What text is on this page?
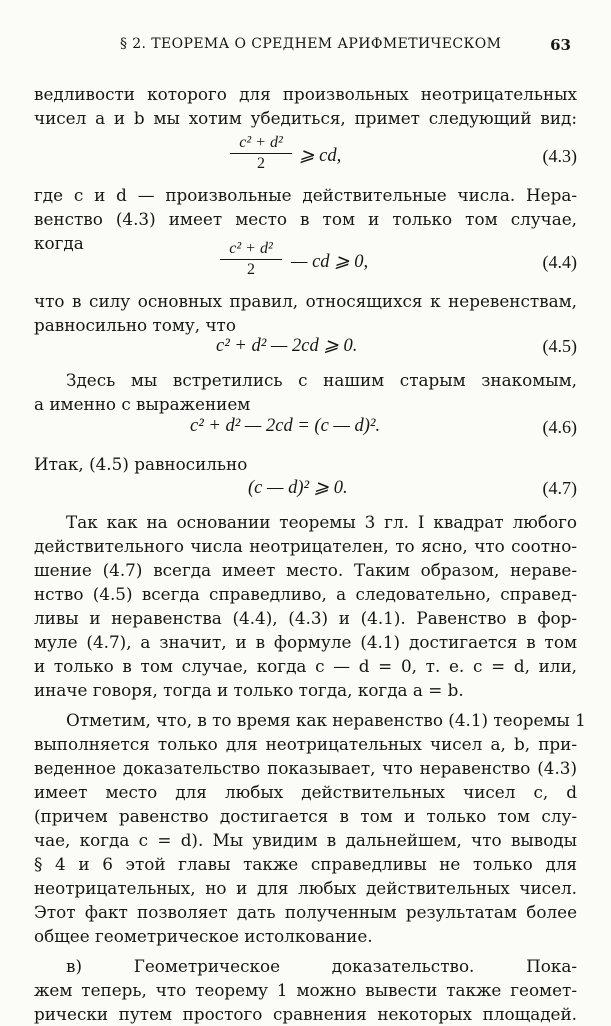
§ 2. ТЕОРЕМА О СРЕДНЕМ АРИФМЕТИЧЕСКОМ	63
ведливости которого для произвольных неотрицательных
чисел a и b мы хотим убедиться, примет следующий вид:
c² + d²
2	⩾ cd,	(4.3)
где c и d — произвольные действительные числа. Нера-
венство (4.3) имеет место в том и только том случае,
когда	c² + d²
2	— cd ⩾ 0,	(4.4)
что в силу основных правил, относящихся к неревенствам,
равносильно тому, что
c² + d² — 2cd ⩾ 0.	(4.5)
Здесь мы встретились с нашим старым знакомым,
а именно с выражением
c² + d² — 2cd = (c — d)².	(4.6)
Итак, (4.5) равносильно
(c — d)² ⩾ 0.	(4.7)
Так как на основании теоремы 3 гл. I квадрат любого
действительного числа неотрицателен, то ясно, что соотно-
шение (4.7) всегда имеет место. Таким образом, нераве-
нство (4.5) всегда справедливо, а следовательно, справед-
ливы и неравенства (4.4), (4.3) и (4.1). Равенство в фор-
муле (4.7), а значит, и в формуле (4.1) достигается в том
и только в том случае, когда c — d = 0, т. е. c = d, или,
иначе говоря, тогда и только тогда, когда a = b.
Отметим, что, в то время как неравенство (4.1) теоремы 1
выполняется только для неотрицательных чисел a, b, при-
веденное доказательство показывает, что неравенство (4.3)
имеет место для любых действительных чисел c, d
(причем равенство достигается в том и только том слу-
чае, когда c = d). Мы увидим в дальнейшем, что выводы
§ 4 и 6 этой главы также справедливы не только для
неотрицательных, но и для любых действительных чисел.
Этот факт позволяет дать полученным результатам более
общее геометрическое истолкование.
в) Геометрическое доказательство. Пока-
жем теперь, что теорему 1 можно вывести также геомет-
рически путем простого сравнения некоторых площадей.
